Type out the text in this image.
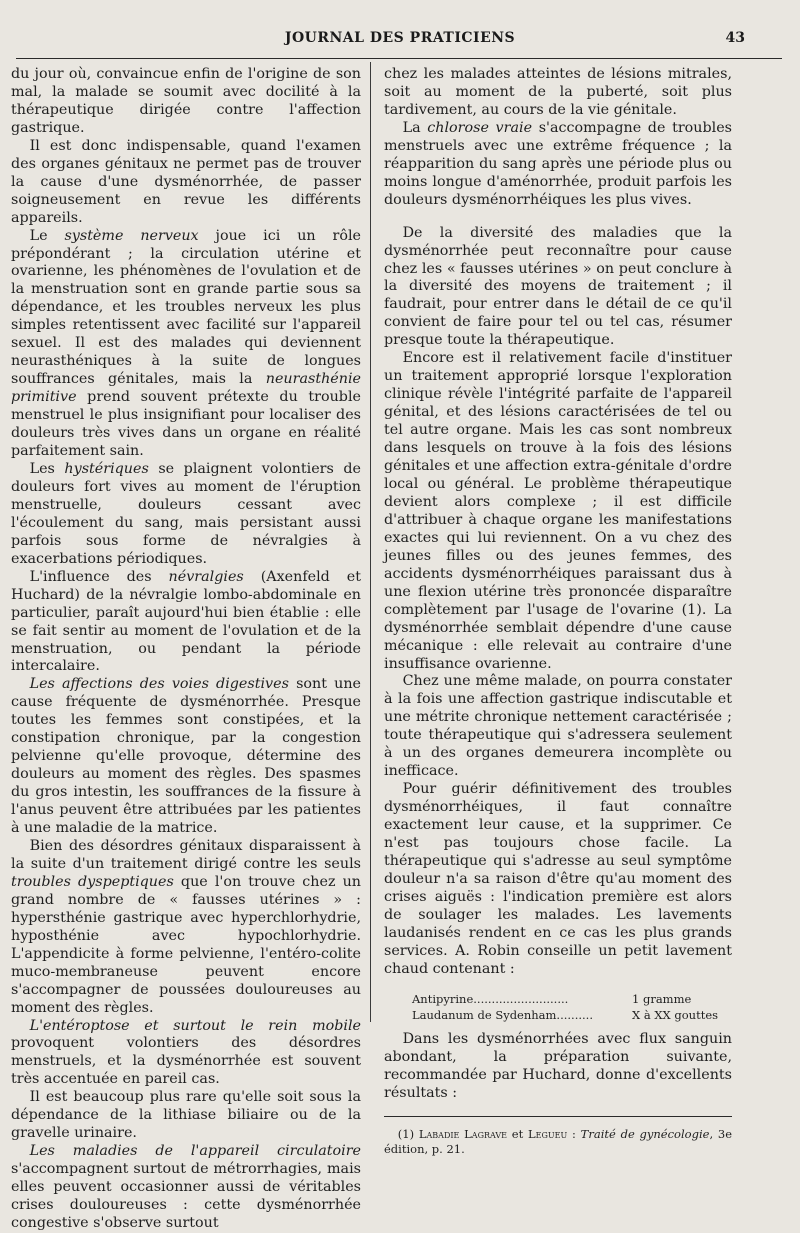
JOURNAL DES PRATICIENS	43

du jour où, convaincue enfin de l'origine de son mal, la malade se soumit avec docilité à la thérapeutique dirigée contre l'affection gastrique.

Il est donc indispensable, quand l'examen des organes génitaux ne permet pas de trouver la cause d'une dysménorrhée, de passer soigneusement en revue les différents appareils.

Le système nerveux joue ici un rôle prépondérant ; la circulation utérine et ovarienne, les phénomènes de l'ovulation et de la menstruation sont en grande partie sous sa dépendance, et les troubles nerveux les plus simples retentissent avec facilité sur l'appareil sexuel. Il est des malades qui deviennent neurasthéniques à la suite de longues souffrances génitales, mais la neurasthénie primitive prend souvent prétexte du trouble menstruel le plus insignifiant pour localiser des douleurs très vives dans un organe en réalité parfaitement sain.

Les hystériques se plaignent volontiers de douleurs fort vives au moment de l'éruption menstruelle, douleurs cessant avec l'écoulement du sang, mais persistant aussi parfois sous forme de névralgies à exacerbations périodiques.

L'influence des névralgies (Axenfeld et Huchard) de la névralgie lombo-abdominale en particulier, paraît aujourd'hui bien établie : elle se fait sentir au moment de l'ovulation et de la menstruation, ou pendant la période intercalaire.

Les affections des voies digestives sont une cause fréquente de dysménorrhée. Presque toutes les femmes sont constipées, et la constipation chronique, par la congestion pelvienne qu'elle provoque, détermine des douleurs au moment des règles. Des spasmes du gros intestin, les souffrances de la fissure à l'anus peuvent être attribuées par les patientes à une maladie de la matrice.

Bien des désordres génitaux disparaissent à la suite d'un traitement dirigé contre les seuls troubles dyspeptiques que l'on trouve chez un grand nombre de « fausses utérines » : hypersthénie gastrique avec hyperchlorhydrie, hyposthénie avec hypochlorhydrie. L'appendicite à forme pelvienne, l'entéro-colite muco-membraneuse peuvent encore s'accompagner de poussées douloureuses au moment des règles.

L'entéroptose et surtout le rein mobile provoquent volontiers des désordres menstruels, et la dysménorrhée est souvent très accentuée en pareil cas.

Il est beaucoup plus rare qu'elle soit sous la dépendance de la lithiase biliaire ou de la gravelle urinaire.

Les maladies de l'appareil circulatoire s'accompagnent surtout de métrorrhagies, mais elles peuvent occasionner aussi de véritables crises douloureuses : cette dysménorrhée congestive s'observe surtout

chez les malades atteintes de lésions mitrales, soit au moment de la puberté, soit plus tardivement, au cours de la vie génitale.

La chlorose vraie s'accompagne de troubles menstruels avec une extrême fréquence ; la réapparition du sang après une période plus ou moins longue d'aménorrhée, produit parfois les douleurs dysménorrhéiques les plus vives.

De la diversité des maladies que la dysménorrhée peut reconnaître pour cause chez les « fausses utérines » on peut conclure à la diversité des moyens de traitement ; il faudrait, pour entrer dans le détail de ce qu'il convient de faire pour tel ou tel cas, résumer presque toute la thérapeutique.

Encore est il relativement facile d'instituer un traitement approprié lorsque l'exploration clinique révèle l'intégrité parfaite de l'appareil génital, et des lésions caractérisées de tel ou tel autre organe. Mais les cas sont nombreux dans lesquels on trouve à la fois des lésions génitales et une affection extra-génitale d'ordre local ou général. Le problème thérapeutique devient alors complexe ; il est difficile d'attribuer à chaque organe les manifestations exactes qui lui reviennent. On a vu chez des jeunes filles ou des jeunes femmes, des accidents dysménorrhéiques paraissant dus à une flexion utérine très prononcée disparaître complètement par l'usage de l'ovarine (1). La dysménorrhée semblait dépendre d'une cause mécanique : elle relevait au contraire d'une insuffisance ovarienne.

Chez une même malade, on pourra constater à la fois une affection gastrique indiscutable et une métrite chronique nettement caractérisée ; toute thérapeutique qui s'adressera seulement à un des organes demeurera incomplète ou inefficace.

Pour guérir définitivement des troubles dysménorrhéiques, il faut connaître exactement leur cause, et la supprimer. Ce n'est pas toujours chose facile. La thérapeutique qui s'adresse au seul symptôme douleur n'a sa raison d'être qu'au moment des crises aiguës : l'indication première est alors de soulager les malades. Les lavements laudanisés rendent en ce cas les plus grands services. A. Robin conseille un petit lavement chaud contenant :

Antipyrine..........................	1 gramme
Laudanum de Sydenham..........	X à XX gouttes

Dans les dysménorrhées avec flux sanguin abondant, la préparation suivante, recommandée par Huchard, donne d'excellents résultats :

(1) Labadie Lagrave et Legueu : Traité de gynécologie, 3e édition, p. 21.
